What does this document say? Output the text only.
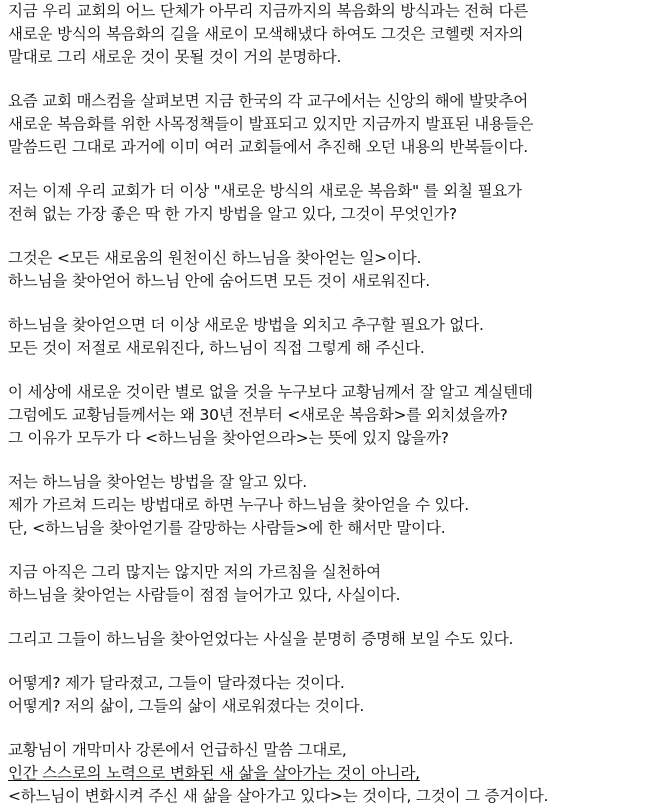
지금 우리 교회의 어느 단체가 아무리 지금까지의 복음화의 방식과는 전혀 다른
새로운 방식의 복음화의 길을 새로이 모색해냈다 하여도 그것은 코헬렛 저자의
말대로 그리 새로운 것이 못될 것이 거의 분명하다.
요즘 교회 매스컴을 살펴보면 지금 한국의 각 교구에서는 신앙의 해에 발맞추어
새로운 복음화를 위한 사목정책들이 발표되고 있지만 지금까지 발표된 내용들은
말씀드린 그대로 과거에 이미 여러 교회들에서 추진해 오던 내용의 반복들이다.
저는 이제 우리 교회가 더 이상 "새로운 방식의 새로운 복음화" 를 외칠 필요가
전혀 없는 가장 좋은 딱 한 가지 방법을 알고 있다, 그것이 무엇인가?
그것은 <모든 새로움의 원천이신 하느님을 찾아얻는 일>이다.
하느님을 찾아얻어 하느님 안에 숨어드면 모든 것이 새로워진다.
하느님을 찾아얻으면 더 이상 새로운 방법을 외치고 추구할 필요가 없다.
모든 것이 저절로 새로워진다, 하느님이 직접 그렇게 해 주신다.
이 세상에 새로운 것이란 별로 없을 것을 누구보다 교황님께서 잘 알고 계실텐데
그럼에도 교황님들께서는 왜 30년 전부터 <새로운 복음화>를 외치셨을까?
그 이유가 모두가 다 <하느님을 찾아얻으라>는 뜻에 있지 않을까?
저는 하느님을 찾아얻는 방법을 잘 알고 있다.
제가 가르쳐 드리는 방법대로 하면 누구나 하느님을 찾아얻을 수 있다.
단, <하느님을 찾아얻기를 갈망하는 사람들>에 한 해서만 말이다.
지금 아직은 그리 많지는 않지만 저의 가르침을 실천하여
하느님을 찾아얻는 사람들이 점점 늘어가고 있다, 사실이다.
그리고 그들이 하느님을 찾아얻었다는 사실을 분명히 증명해 보일 수도 있다.
어떻게? 제가 달라졌고, 그들이 달라졌다는 것이다.
어떻게? 저의 삶이, 그들의 삶이 새로워졌다는 것이다.
교황님이 개막미사 강론에서 언급하신 말씀 그대로,
인간 스스로의 노력으로 변화된 새 삶을 살아가는 것이 아니라,
<하느님이 변화시켜 주신 새 삶을 살아가고 있다>는 것이다, 그것이 그 증거이다.
